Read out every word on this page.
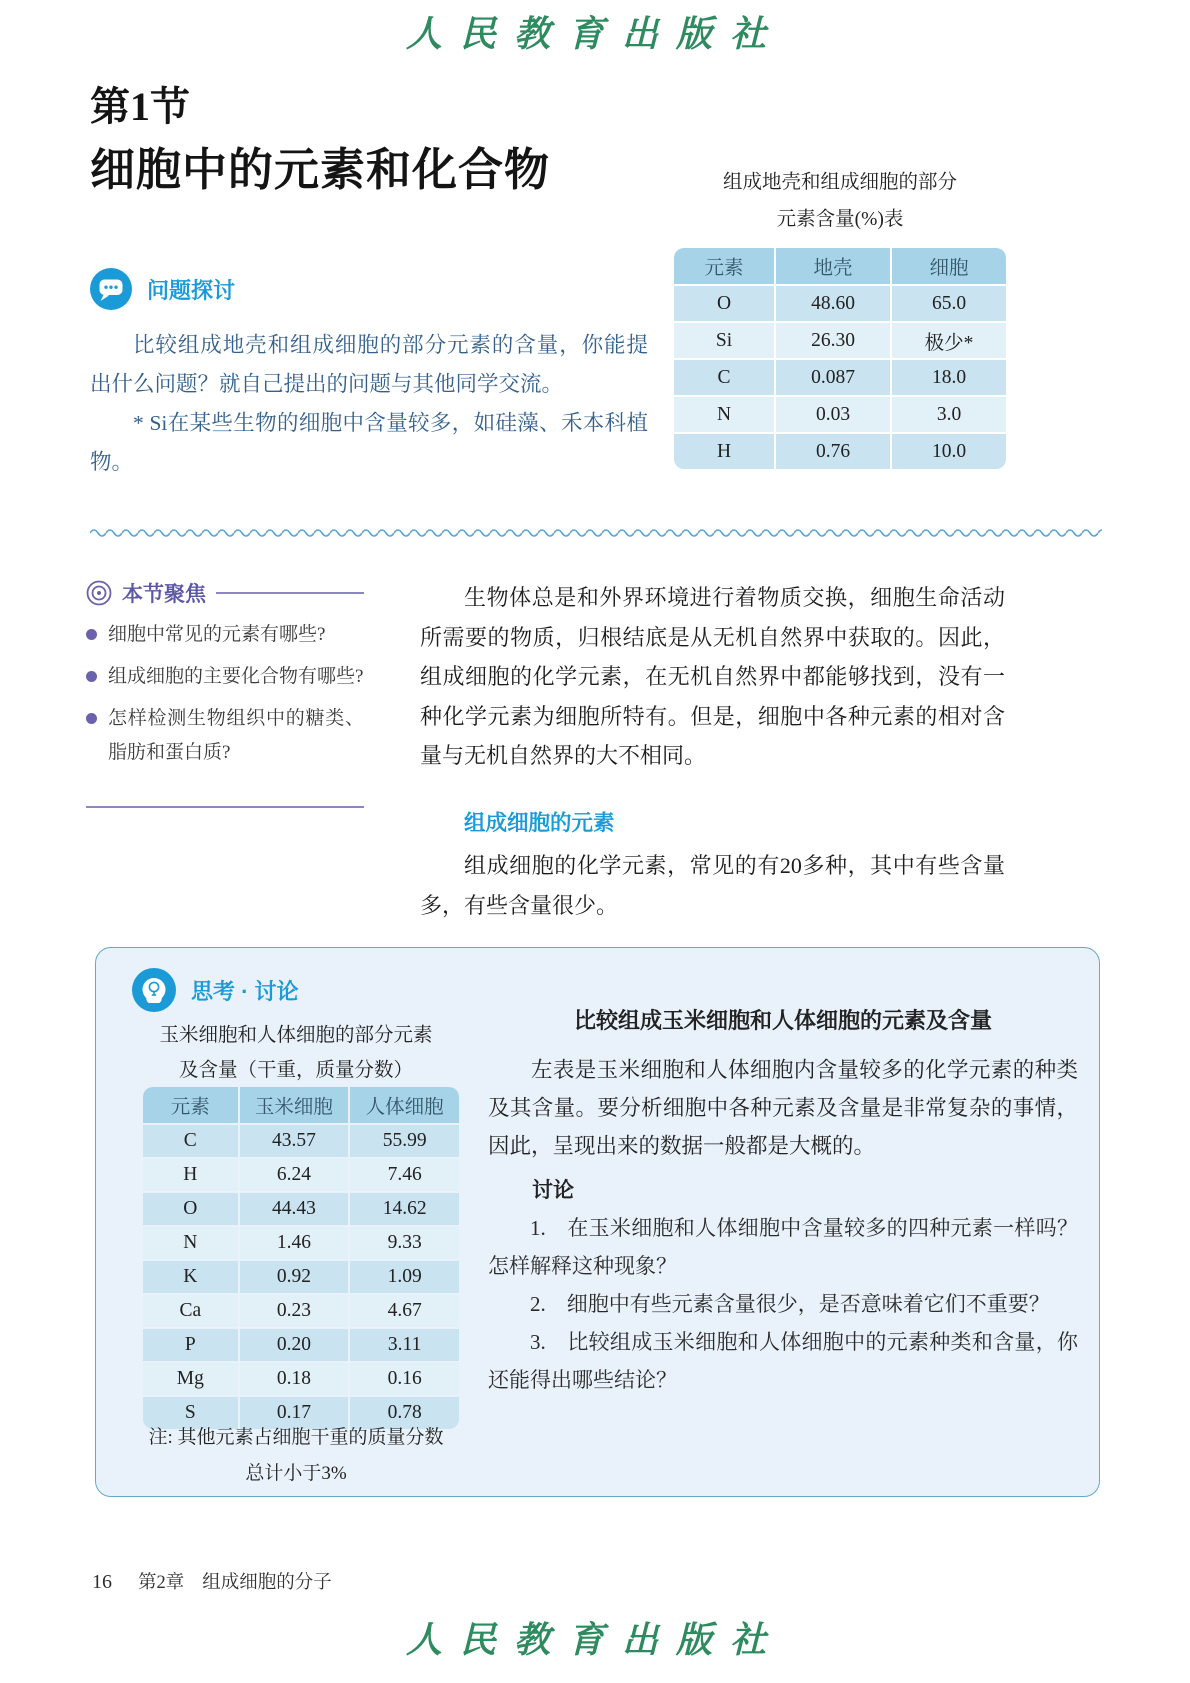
人民教育出版社
第1节
细胞中的元素和化合物	组成地壳和组成细胞的部分
元素含量(%)表
元素	地壳	细胞
O	48.60	65.0
Si	26.30	极少*
C	0.087	18.0
N	0.03	3.0
H	0.76	10.0
问题探讨

比较组成地壳和组成细胞的部分元素的含量，你能提出什么问题？就自己提出的问题与其他同学交流。

* Si在某些生物的细胞中含量较多，如硅藻、禾本科植物。

本节聚焦
细胞中常见的元素有哪些?
组成细胞的主要化合物有哪些?
怎样检测生物组织中的糖类、脂肪和蛋白质?

生物体总是和外界环境进行着物质交换，细胞生命活动所需要的物质，归根结底是从无机自然界中获取的。因此，组成细胞的化学元素，在无机自然界中都能够找到，没有一种化学元素为细胞所特有。但是，细胞中各种元素的相对含量与无机自然界的大不相同。

组成细胞的元素

组成细胞的化学元素，常见的有20多种，其中有些含量多，有些含量很少。

思考 · 讨论
玉米细胞和人体细胞的部分元素
及含量（干重，质量分数）
元素	玉米细胞	人体细胞
C	43.57	55.99
H	6.24	7.46
O	44.43	14.62
N	1.46	9.33
K	0.92	1.09
Ca	0.23	4.67
P	0.20	3.11
Mg	0.18	0.16
S	0.17	0.78
注: 其他元素占细胞干重的质量分数
总计小于3%
比较组成玉米细胞和人体细胞的元素及含量

左表是玉米细胞和人体细胞内含量较多的化学元素的种类及其含量。要分析细胞中各种元素及含量是非常复杂的事情，因此，呈现出来的数据一般都是大概的。

讨论

1.　在玉米细胞和人体细胞中含量较多的四种元素一样吗？怎样解释这种现象？

2.　细胞中有些元素含量很少，是否意味着它们不重要？

3.　比较组成玉米细胞和人体细胞中的元素种类和含量，你还能得出哪些结论？

16 第2章 组成细胞的分子
人民教育出版社
